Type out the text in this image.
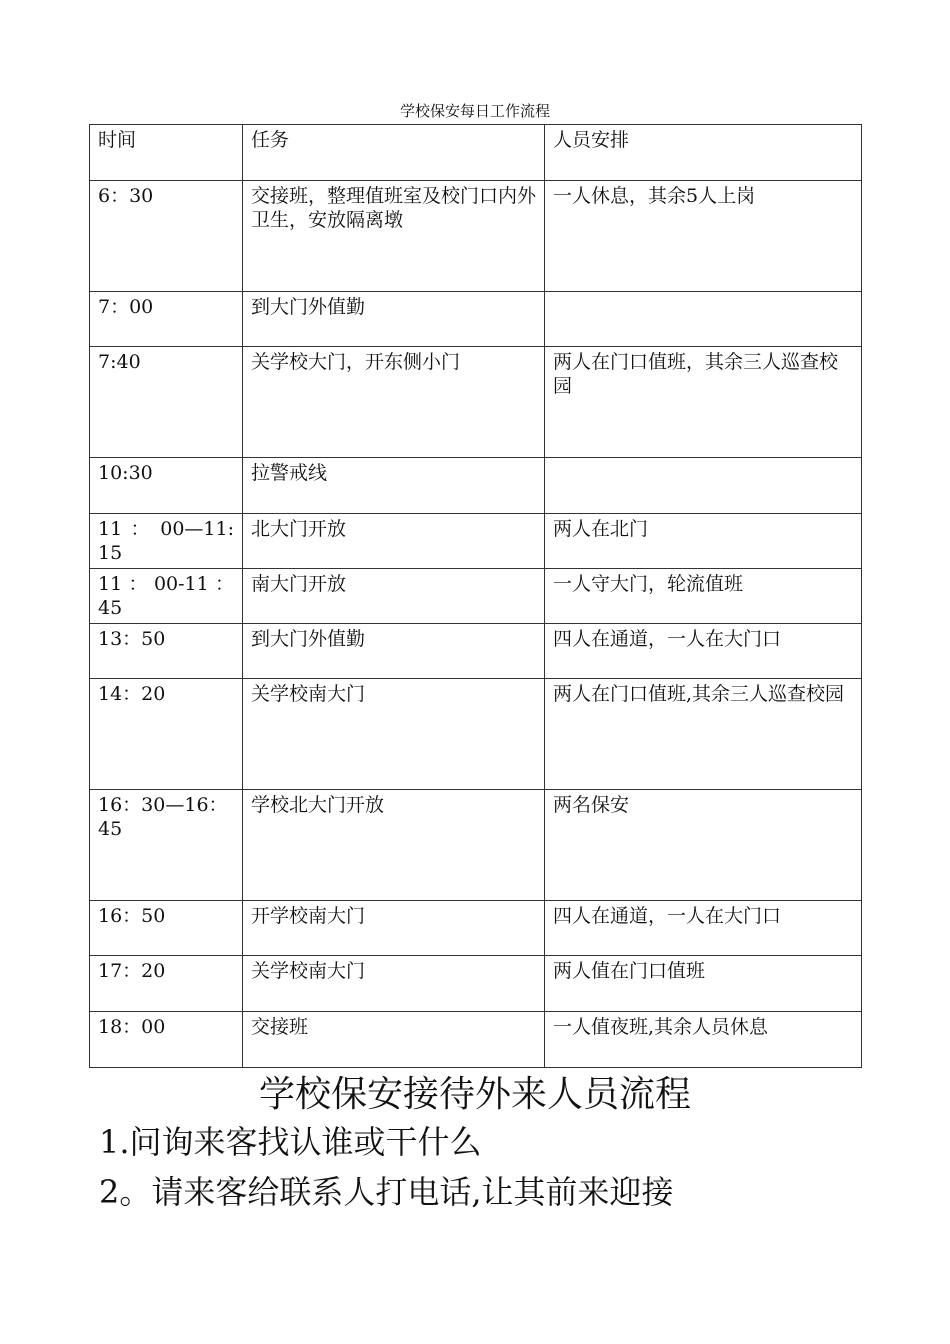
学校保安每日工作流程
时间	任务	人员安排
6：30	交接班，整理值班室及校门口内外卫生，安放隔离墩	一人休息，其余5人上岗
7：00	到大门外值勤	
7:40	关学校大门，开东侧小门	两人在门口值班，其余三人巡查校园
10:30	拉警戒线	
11 ： 00—11:15	北大门开放	两人在北门
11 ： 00-11 ：45	南大门开放	一人守大门，轮流值班
13：50	到大门外值勤	四人在通道，一人在大门口
14：20	关学校南大门	两人在门口值班,其余三人巡查校园
16：30—16：45	学校北大门开放	两名保安
16：50	开学校南大门	四人在通道，一人在大门口
17：20	关学校南大门	两人值在门口值班
18：00	交接班	一人值夜班,其余人员休息
学校保安接待外来人员流程
1.问询来客找认谁或干什么
2。请来客给联系人打电话,让其前来迎接
